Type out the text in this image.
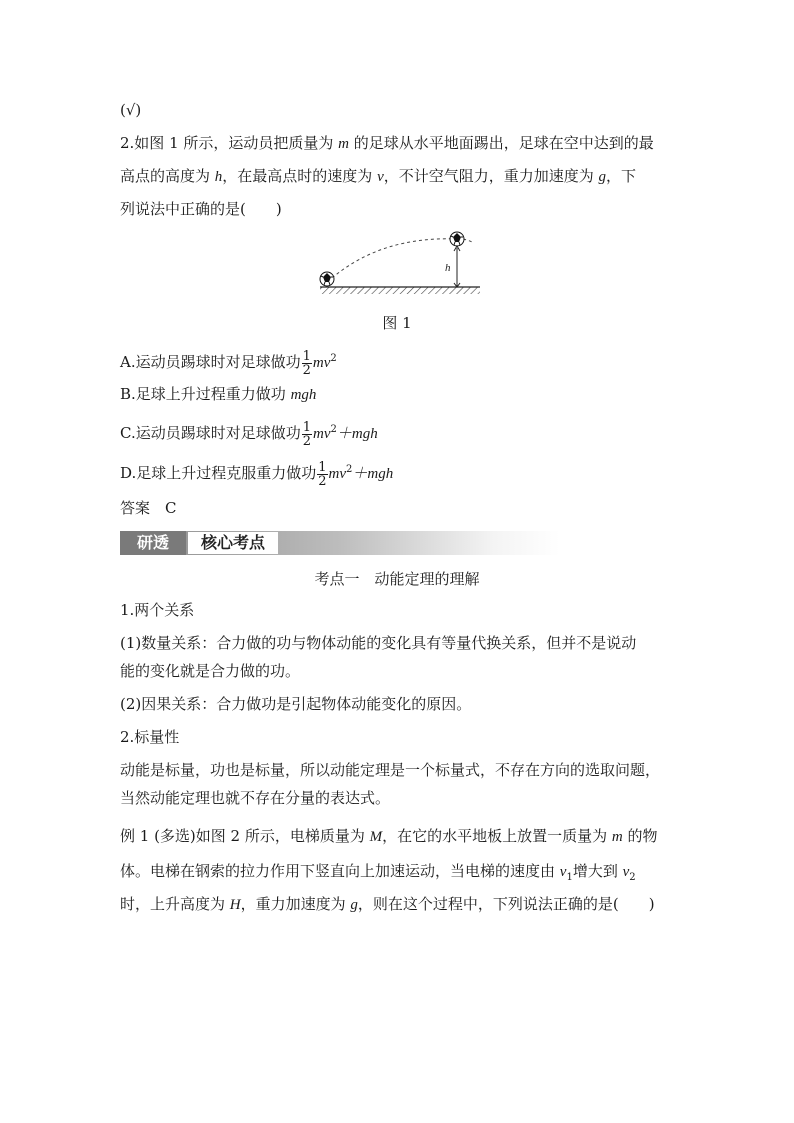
(√)
2.如图 1 所示，运动员把质量为 m 的足球从水平地面踢出，足球在空中达到的最
高点的高度为 h，在最高点时的速度为 v，不计空气阻力，重力加速度为 g，下
列说法中正确的是(　　)
h
图 1
A.运动员踢球时对足球做功 $\frac{1}{2} mv^2$
B.足球上升过程重力做功 mgh
C.运动员踢球时对足球做功 $\frac{1}{2} mv^2+mgh$
D.足球上升过程克服重力做功 $\frac{1}{2} mv^2+mgh$
答案　C
研透	核心考点
考点一　动能定理的理解
1.两个关系
(1)数量关系：合力做的功与物体动能的变化具有等量代换关系，但并不是说动
能的变化就是合力做的功。
(2)因果关系：合力做功是引起物体动能变化的原因。
2.标量性
动能是标量，功也是标量，所以动能定理是一个标量式，不存在方向的选取问题，
当然动能定理也就不存在分量的表达式。
例 1 (多选)如图 2 所示，电梯质量为 M，在它的水平地板上放置一质量为 m 的物
体。电梯在钢索的拉力作用下竖直向上加速运动，当电梯的速度由 $v_1$增大到 $v_2$
时，上升高度为 H，重力加速度为 g，则在这个过程中，下列说法正确的是(　　)
